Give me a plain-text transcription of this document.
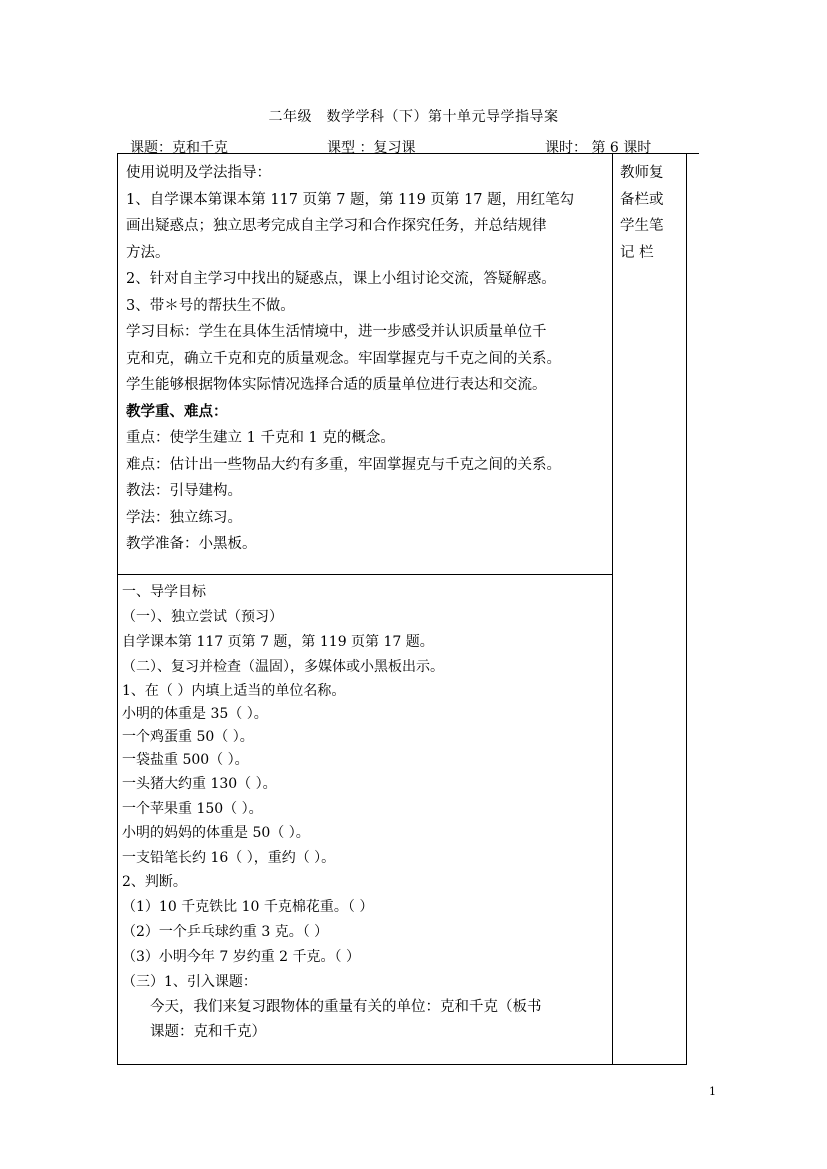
二年级　数学学科（下）第十单元导学指导案
课题：克和千克	课型 ：复习课	课时： 第 6 课时

使用说明及学法指导：

1、自学课本第课本第 117 页第 7 题，第 119 页第 17 题，用红笔勾

画出疑惑点；独立思考完成自主学习和合作探究任务，并总结规律

方法。

2、针对自主学习中找出的疑惑点，课上小组讨论交流，答疑解惑。

3、带＊号的帮扶生不做。

学习目标：学生在具体生活情境中，进一步感受并认识质量单位千

克和克，确立千克和克的质量观念。牢固掌握克与千克之间的关系。

学生能够根据物体实际情况选择合适的质量单位进行表达和交流。

教学重、难点：

重点：使学生建立 1 千克和 1 克的概念。

难点：估计出一些物品大约有多重，牢固掌握克与千克之间的关系。

教法：引导建构。

学法：独立练习。

教学准备：小黑板。

教师复

备栏或

学生笔

记 栏

一、导学目标

（一）、独立尝试（预习）

自学课本第 117 页第 7 题，第 119 页第 17 题。

（二）、复习并检查（温固），多媒体或小黑板出示。

1、在（ ）内填上适当的单位名称。

小明的体重是 35（ ）。

一个鸡蛋重 50（ ）。

一袋盐重 500（ ）。

一头猪大约重 130（ ）。

一个苹果重 150（ ）。

小明的妈妈的体重是 50（ ）。

一支铅笔长约 16（ ），重约（ ）。

2、判断。

（1）10 千克铁比 10 千克棉花重。（ ）

（2）一个乒乓球约重 3 克。（ ）

（3）小明今年 7 岁约重 2 千克。（ ）

（三）1、引入课题：

今天，我们来复习跟物体的重量有关的单位：克和千克（板书

课题：克和千克）

1
